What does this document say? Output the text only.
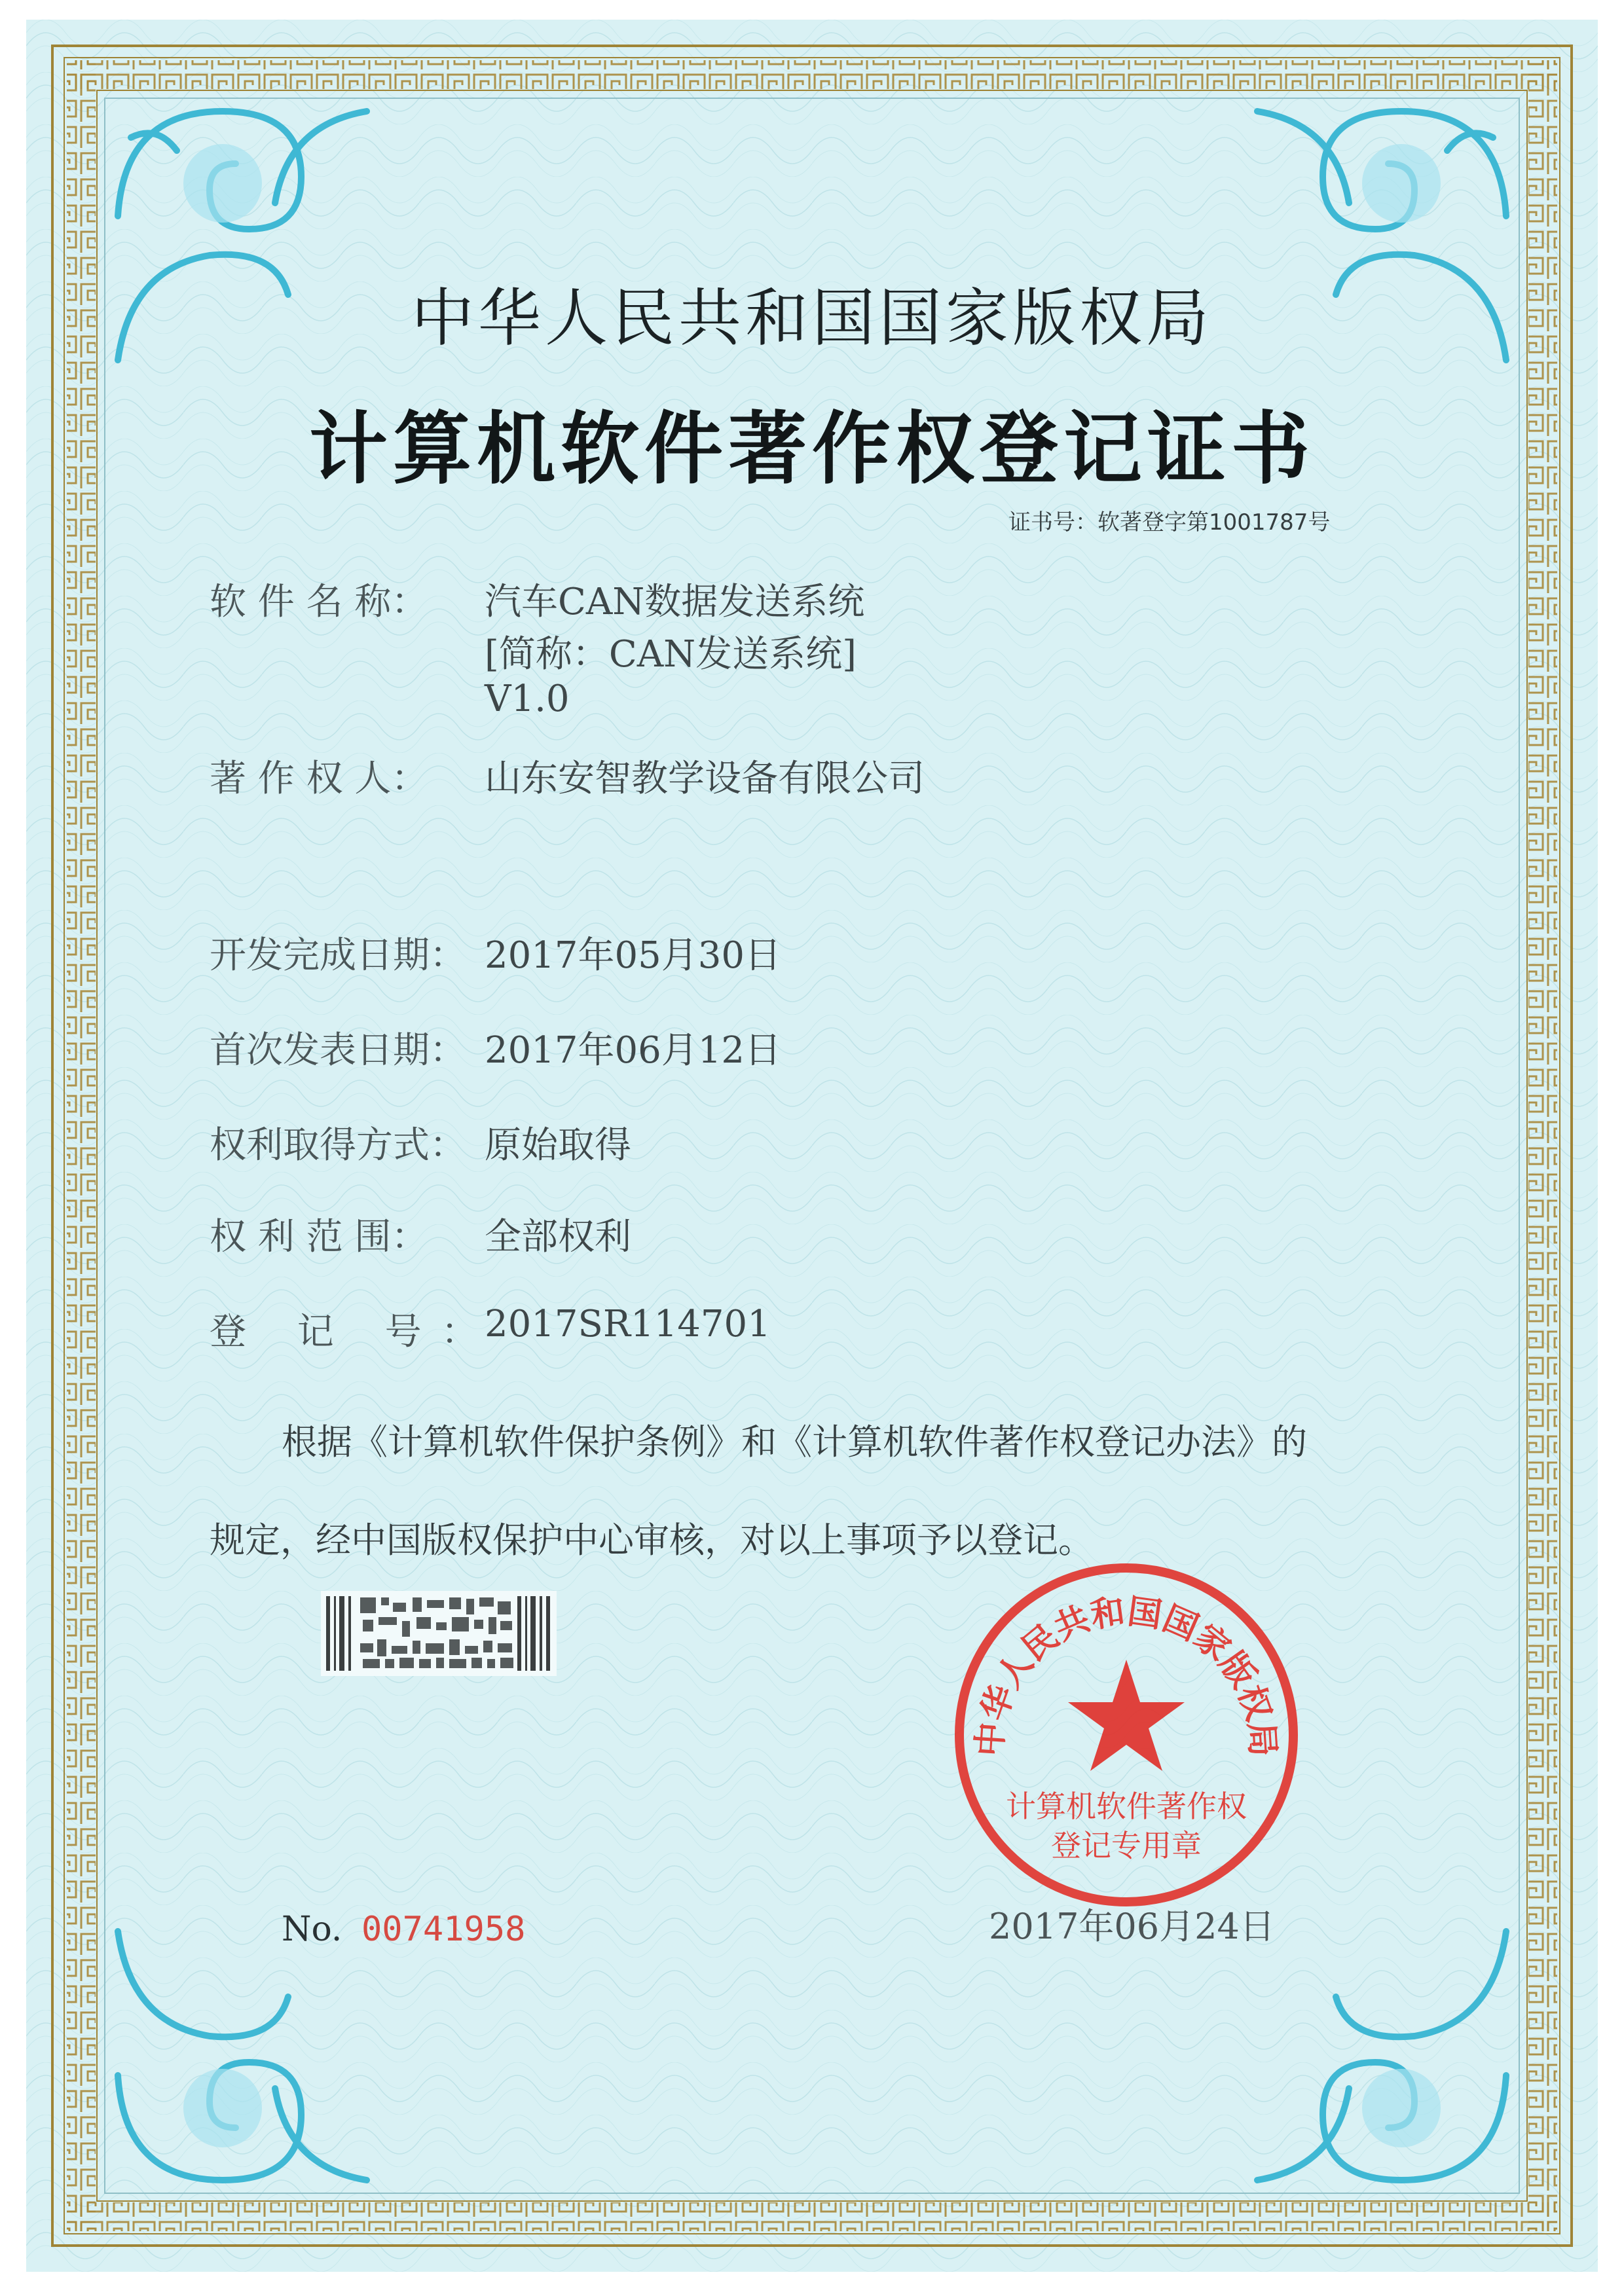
中华人民共和国国家版权局
计算机软件著作权登记证书
证书号：软著登字第1001787号
软 件 名 称： 汽车CAN数据发送系统
[简称：CAN发送系统]
V1.0
著 作 权 人： 山东安智教学设备有限公司
开发完成日期： 2017年05月30日
首次发表日期： 2017年06月12日
权利取得方式： 原始取得
权 利 范 围： 全部权利
登 记 号：
2017SR114701
根据《计算机软件保护条例》和《计算机软件著作权登记办法》的
规定，经中国版权保护中心审核，对以上事项予以登记。
中华人民共和国国家版权局
计算机软件著作权
登记专用章
No. 00741958	2017年06月24日
